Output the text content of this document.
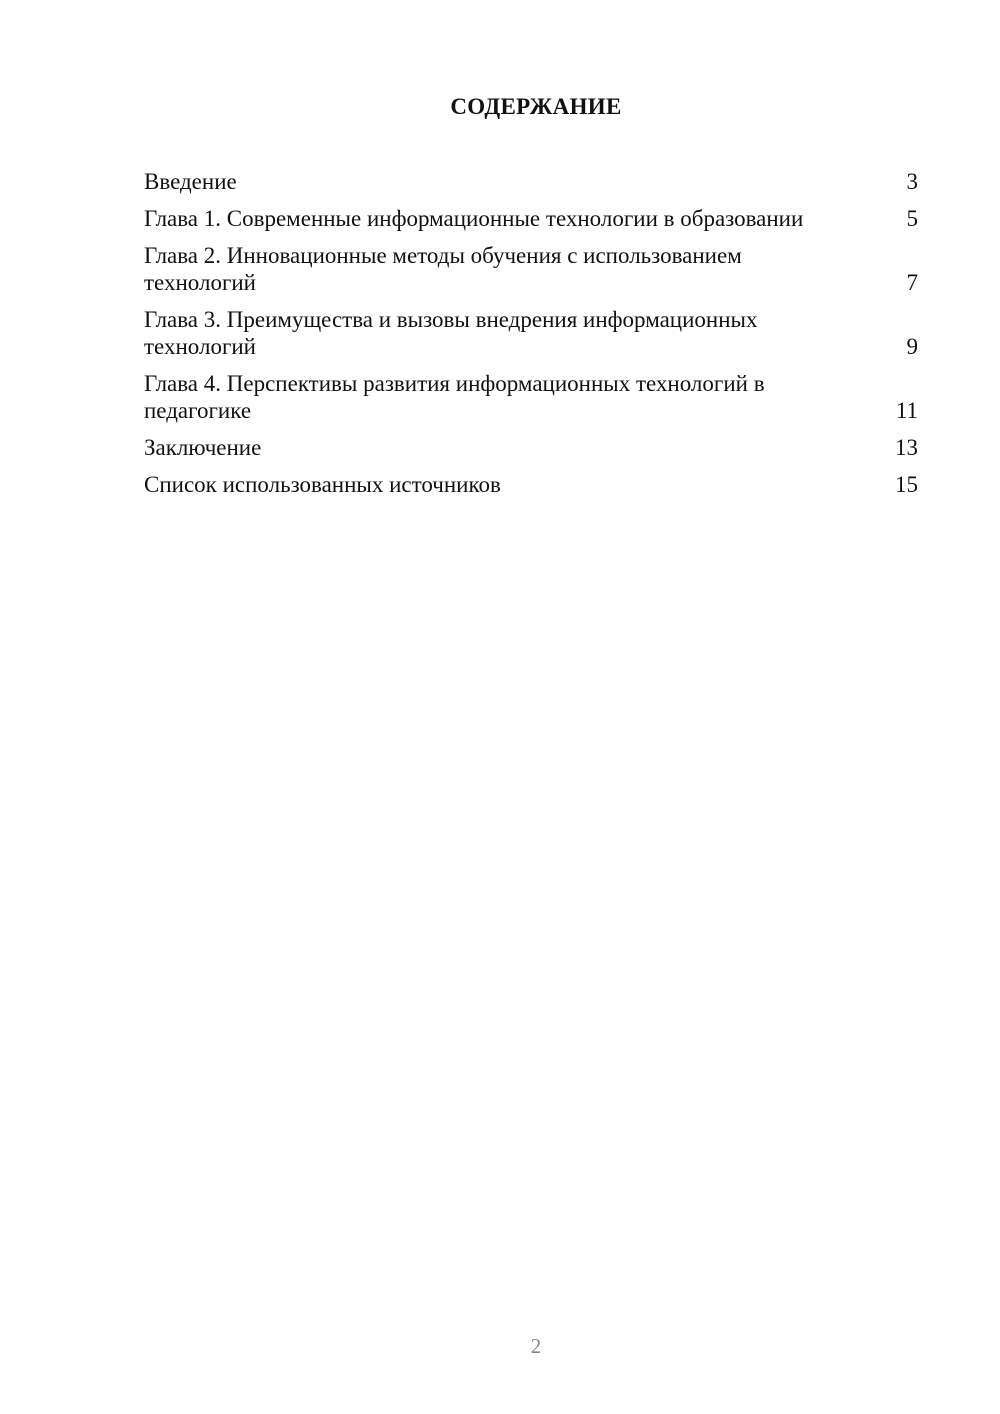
СОДЕРЖАНИЕ
Введение	3
Глава 1. Современные информационные технологии в образовании	5
Глава 2. Инновационные методы обучения с использованием технологий	7
Глава 3. Преимущества и вызовы внедрения информационных технологий	9
Глава 4. Перспективы развития информационных технологий в педагогике	11
Заключение	13
Список использованных источников	15
2
